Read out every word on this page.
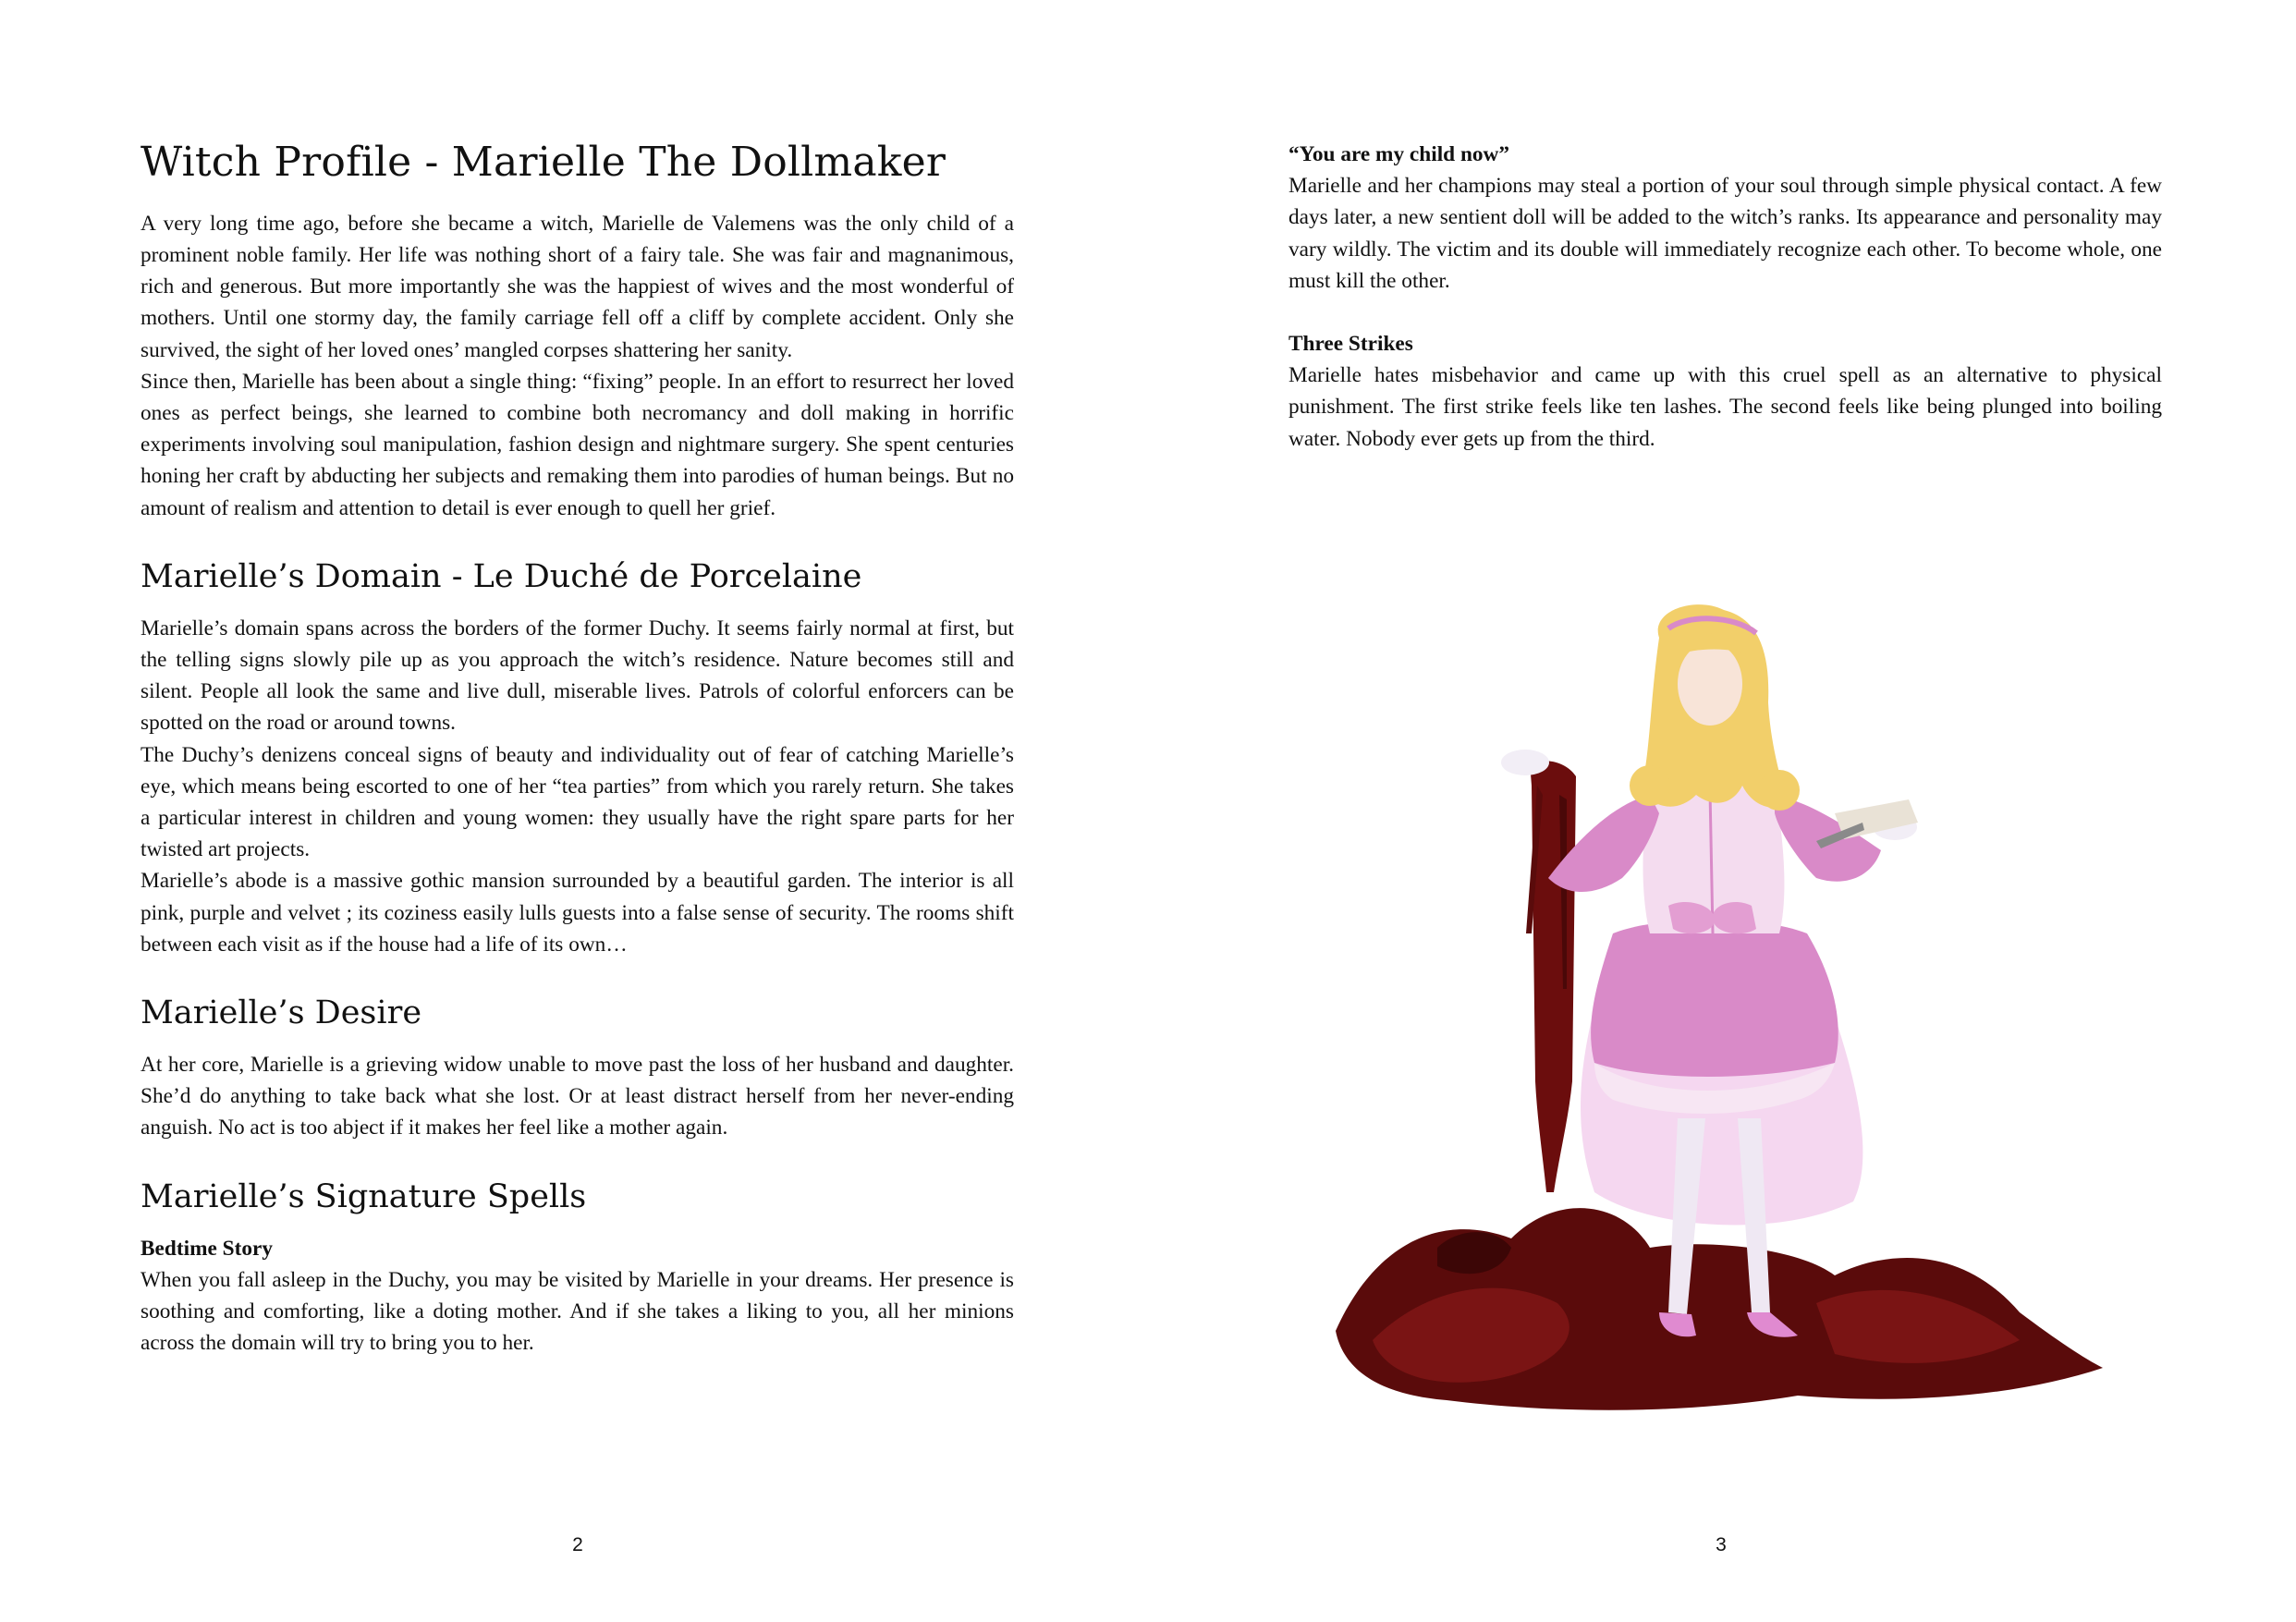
Witch Profile - Marielle The Dollmaker

A very long time ago, before she became a witch, Marielle de Valemens was the only child of a prominent noble family. Her life was nothing short of a fairy tale. She was fair and magnanimous, rich and generous. But more importantly she was the happiest of wives and the most wonderful of mothers. Until one stormy day, the family carriage fell off a cliff by complete accident. Only she survived, the sight of her loved ones’ mangled corpses shattering her sanity.

Since then, Marielle has been about a single thing: “fixing” people. In an effort to resurrect her loved ones as perfect beings, she learned to combine both necromancy and doll making in horrific experiments involving soul manipulation, fashion design and nightmare surgery. She spent centuries honing her craft by abducting her subjects and remaking them into parodies of human beings. But no amount of realism and attention to detail is ever enough to quell her grief.

Marielle’s Domain - Le Duché de Porcelaine

Marielle’s domain spans across the borders of the former Duchy. It seems fairly normal at first, but the telling signs slowly pile up as you approach the witch’s residence. Nature becomes still and silent. People all look the same and live dull, miserable lives. Patrols of colorful enforcers can be spotted on the road or around towns.

The Duchy’s denizens conceal signs of beauty and individuality out of fear of catching Marielle’s eye, which means being escorted to one of her “tea parties” from which you rarely return. She takes a particular interest in children and young women: they usually have the right spare parts for her twisted art projects.

Marielle’s abode is a massive gothic mansion surrounded by a beautiful garden. The interior is all pink, purple and velvet ; its coziness easily lulls guests into a false sense of security. The rooms shift between each visit as if the house had a life of its own…

Marielle’s Desire

At her core, Marielle is a grieving widow unable to move past the loss of her husband and daughter. She’d do anything to take back what she lost. Or at least distract herself from her never-ending anguish. No act is too abject if it makes her feel like a mother again.

Marielle’s Signature Spells

Bedtime Story

When you fall asleep in the Duchy, you may be visited by Marielle in your dreams. Her presence is soothing and comforting, like a doting mother. And if she takes a liking to you, all her minions across the domain will try to bring you to her.

2

“You are my child now”

Marielle and her champions may steal a portion of your soul through simple physical contact. A few days later, a new sentient doll will be added to the witch’s ranks. Its appearance and personality may vary wildly. The victim and its double will immediately recognize each other. To become whole, one must kill the other.

Three Strikes

Marielle hates misbehavior and came up with this cruel spell as an alternative to physical punishment. The first strike feels like ten lashes. The second feels like being plunged into boiling water. Nobody ever gets up from the third.

3
